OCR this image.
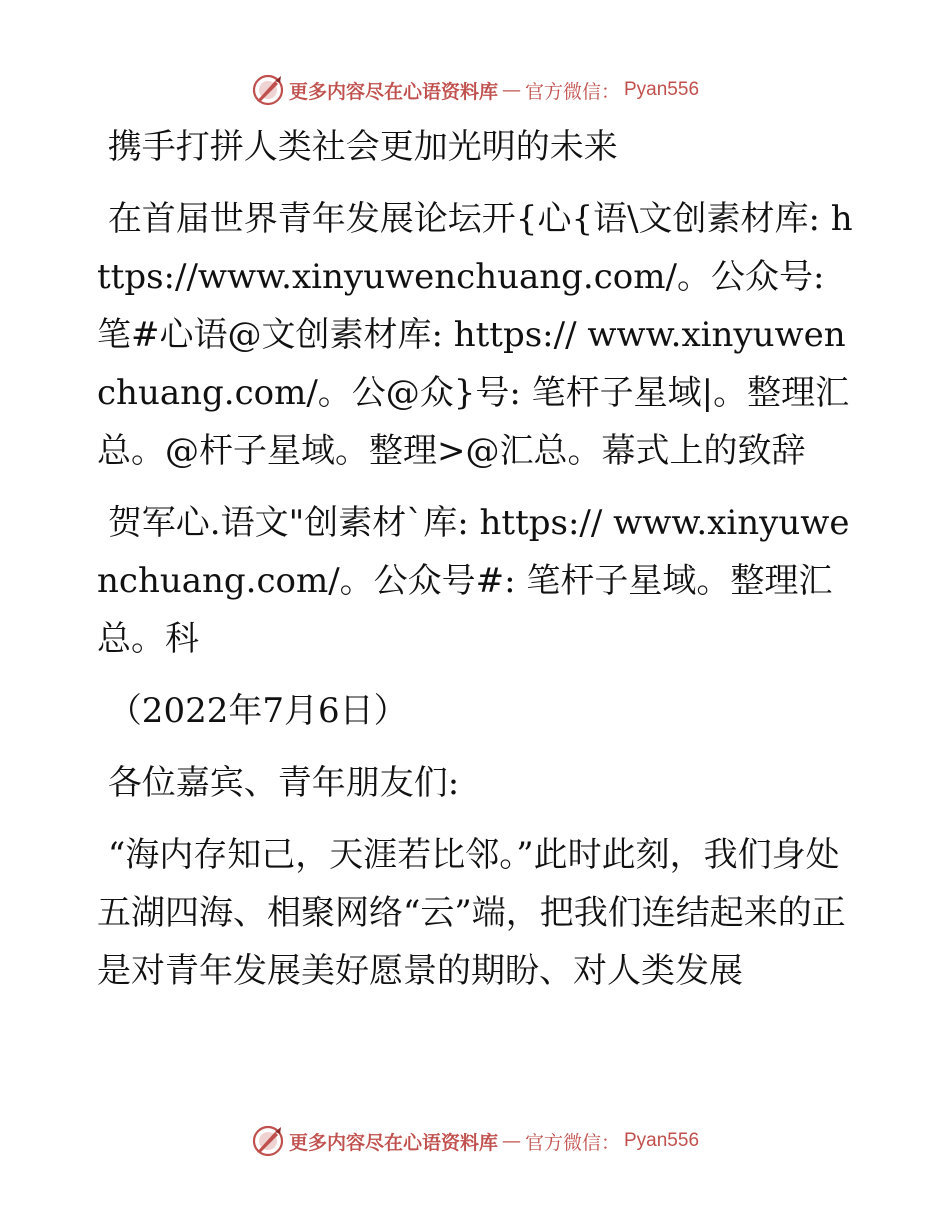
更多内容尽在心语资料库 — 官方微信： Pyan556

携手打拼人类社会更加光明的未来

在首届世界青年发展论坛开{心{语\文创素材库: https://www.xinyuwenchuang.com/。公众号: 笔#心语@文创素材库: https:// www.xinyuwenchuang.com/。公@众}号: 笔杆子星域|。整理汇总。@杆子星域。整理>@汇总。幕式上的致辞

贺军心.语文"创素材`库: https:// www.xinyuwenchuang.com/。公众号#: 笔杆子星域。整理汇总。科

（2022年7月6日）

各位嘉宾、青年朋友们:

“海内存知己，天涯若比邻。”此时此刻，我们身处五湖四海、相聚网络“云”端，把我们连结起来的正是对青年发展美好愿景的期盼、对人类发展

更多内容尽在心语资料库 — 官方微信： Pyan556
